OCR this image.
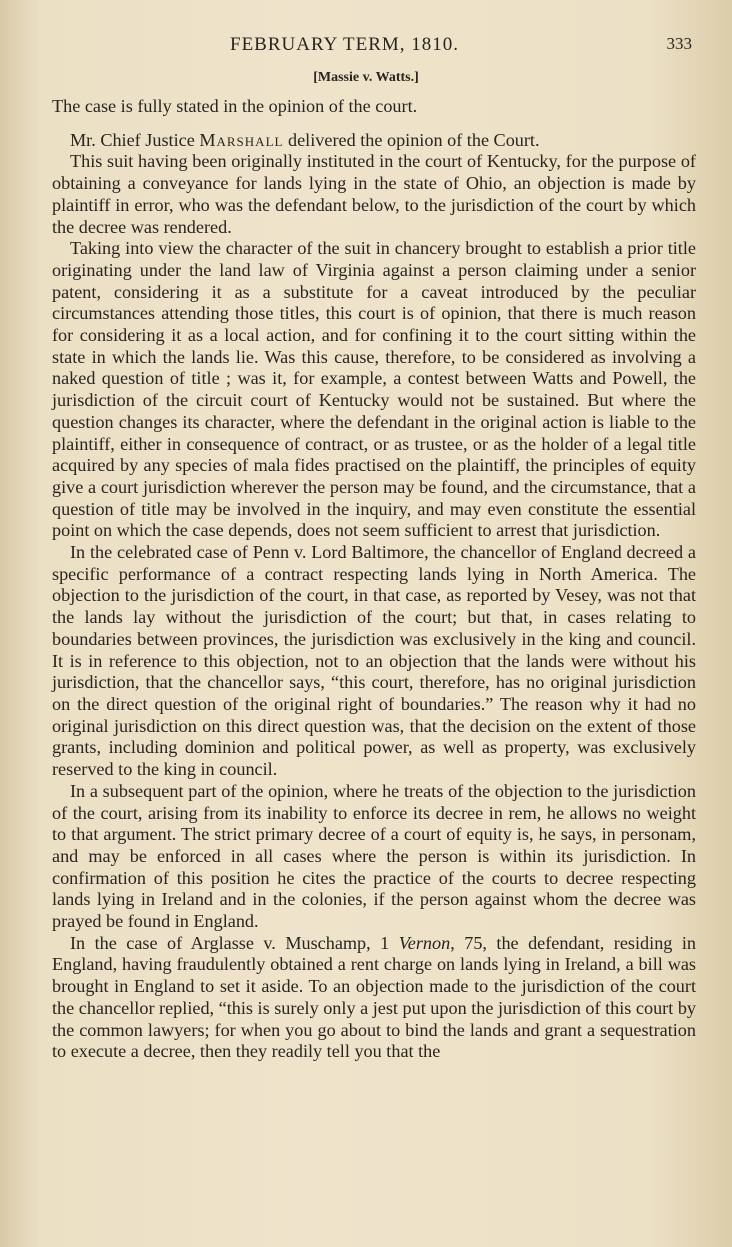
FEBRUARY TERM, 1810.	333
[Massie v. Watts.]

The case is fully stated in the opinion of the court.

Mr. Chief Justice Marshall delivered the opinion of the Court.

This suit having been originally instituted in the court of Kentucky, for the purpose of obtaining a conveyance for lands lying in the state of Ohio, an objection is made by plaintiff in error, who was the defendant below, to the jurisdiction of the court by which the decree was rendered.

Taking into view the character of the suit in chancery brought to establish a prior title originating under the land law of Virginia against a person claiming under a senior patent, considering it as a substitute for a caveat introduced by the peculiar circumstances attending those titles, this court is of opinion, that there is much reason for considering it as a local action, and for confining it to the court sitting within the state in which the lands lie. Was this cause, therefore, to be considered as involving a naked question of title ; was it, for example, a contest between Watts and Powell, the jurisdiction of the circuit court of Kentucky would not be sustained. But where the question changes its character, where the defendant in the original action is liable to the plaintiff, either in consequence of contract, or as trustee, or as the holder of a legal title acquired by any species of mala fides practised on the plaintiff, the principles of equity give a court jurisdiction wherever the person may be found, and the circumstance, that a question of title may be involved in the inquiry, and may even constitute the essential point on which the case depends, does not seem sufficient to arrest that jurisdiction.

In the celebrated case of Penn v. Lord Baltimore, the chancellor of England decreed a specific performance of a contract respecting lands lying in North America. The objection to the jurisdiction of the court, in that case, as reported by Vesey, was not that the lands lay without the jurisdiction of the court; but that, in cases relating to boundaries between provinces, the jurisdiction was exclusively in the king and council. It is in reference to this objection, not to an objection that the lands were without his jurisdiction, that the chancellor says, “this court, therefore, has no original jurisdiction on the direct question of the original right of boundaries.” The reason why it had no original jurisdiction on this direct question was, that the decision on the extent of those grants, including dominion and political power, as well as property, was exclusively reserved to the king in council.

In a subsequent part of the opinion, where he treats of the objection to the jurisdiction of the court, arising from its inability to enforce its decree in rem, he allows no weight to that argument. The strict primary decree of a court of equity is, he says, in personam, and may be enforced in all cases where the person is within its jurisdiction. In confirmation of this position he cites the practice of the courts to decree respecting lands lying in Ireland and in the colonies, if the person against whom the decree was prayed be found in England.

In the case of Arglasse v. Muschamp, 1 Vernon, 75, the defendant, residing in England, having fraudulently obtained a rent charge on lands lying in Ireland, a bill was brought in England to set it aside. To an objection made to the jurisdiction of the court the chancellor replied, “this is surely only a jest put upon the jurisdiction of this court by the common lawyers; for when you go about to bind the lands and grant a sequestration to execute a decree, then they readily tell you that the
